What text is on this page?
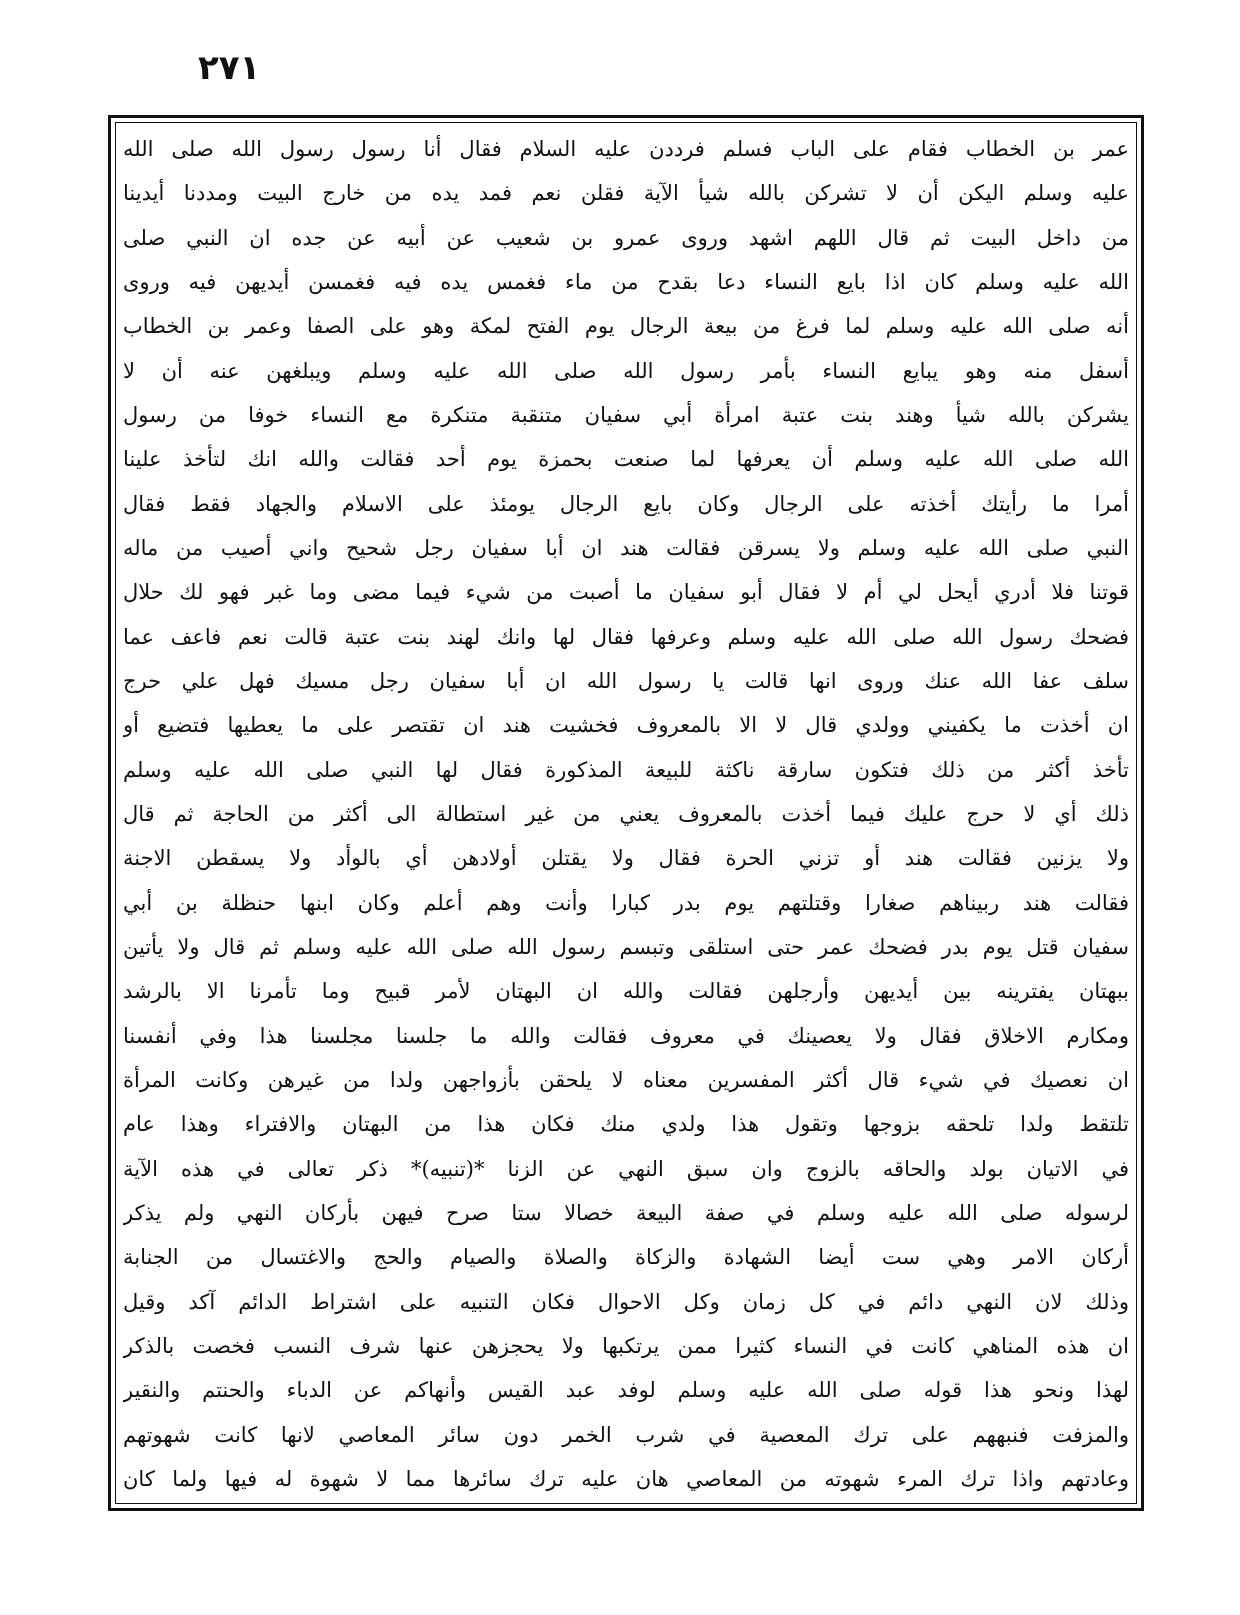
٢٧١
عمر بن الخطاب فقام على الباب فسلم فرددن عليه السلام فقال أنا رسول رسول الله صلى الله
عليه وسلم اليكن أن لا تشركن بالله شيأ الآية فقلن نعم فمد يده من خارج البيت ومددنا أيدينا
من داخل البيت ثم قال اللهم اشهد وروى عمرو بن شعيب عن أبيه عن جده ان النبي صلى
الله عليه وسلم كان اذا بايع النساء دعا بقدح من ماء فغمس يده فيه فغمسن أيديهن فيه وروى
أنه صلى الله عليه وسلم لما فرغ من بيعة الرجال يوم الفتح لمكة وهو على الصفا وعمر بن الخطاب
أسفل منه وهو يبايع النساء بأمر رسول الله صلى الله عليه وسلم ويبلغهن عنه أن لا
يشركن بالله شيأ وهند بنت عتبة امرأة أبي سفيان متنقبة متنكرة مع النساء خوفا من رسول
الله صلى الله عليه وسلم أن يعرفها لما صنعت بحمزة يوم أحد فقالت والله انك لتأخذ علينا
أمرا ما رأيتك أخذته على الرجال وكان بايع الرجال يومئذ على الاسلام والجهاد فقط فقال
النبي صلى الله عليه وسلم ولا يسرقن فقالت هند ان أبا سفيان رجل شحيح واني أصيب من ماله
قوتنا فلا أدري أيحل لي أم لا فقال أبو سفيان ما أصبت من شيء فيما مضى وما غبر فهو لك حلال
فضحك رسول الله صلى الله عليه وسلم وعرفها فقال لها وانك لهند بنت عتبة قالت نعم فاعف عما
سلف عفا الله عنك وروى انها قالت يا رسول الله ان أبا سفيان رجل مسيك فهل علي حرج
ان أخذت ما يكفيني وولدي قال لا الا بالمعروف فخشيت هند ان تقتصر على ما يعطيها فتضيع أو
تأخذ أكثر من ذلك فتكون سارقة ناكثة للبيعة المذكورة فقال لها النبي صلى الله عليه وسلم
ذلك أي لا حرج عليك فيما أخذت بالمعروف يعني من غير استطالة الى أكثر من الحاجة ثم قال
ولا يزنين فقالت هند أو تزني الحرة فقال ولا يقتلن أولادهن أي بالوأد ولا يسقطن الاجنة
فقالت هند ربيناهم صغارا وقتلتهم يوم بدر كبارا وأنت وهم أعلم وكان ابنها حنظلة بن أبي
سفيان قتل يوم بدر فضحك عمر حتى استلقى وتبسم رسول الله صلى الله عليه وسلم ثم قال ولا يأتين
ببهتان يفترينه بين أيديهن وأرجلهن فقالت والله ان البهتان لأمر قبيح وما تأمرنا الا بالرشد
ومكارم الاخلاق فقال ولا يعصينك في معروف فقالت والله ما جلسنا مجلسنا هذا وفي أنفسنا
ان نعصيك في شيء قال أكثر المفسرين معناه لا يلحقن بأزواجهن ولدا من غيرهن وكانت المرأة
تلتقط ولدا تلحقه بزوجها وتقول هذا ولدي منك فكان هذا من البهتان والافتراء وهذا عام
في الاتيان بولد والحاقه بالزوج وان سبق النهي عن الزنا *(تنبيه)* ذكر تعالى في هذه الآية
لرسوله صلى الله عليه وسلم في صفة البيعة خصالا ستا صرح فيهن بأركان النهي ولم يذكر
أركان الامر وهي ست أيضا الشهادة والزكاة والصلاة والصيام والحج والاغتسال من الجنابة
وذلك لان النهي دائم في كل زمان وكل الاحوال فكان التنبيه على اشتراط الدائم آكد وقيل
ان هذه المناهي كانت في النساء كثيرا ممن يرتكبها ولا يحجزهن عنها شرف النسب فخصت بالذكر
لهذا ونحو هذا قوله صلى الله عليه وسلم لوفد عبد القيس وأنهاكم عن الدباء والحنتم والنقير
والمزفت فنبههم على ترك المعصية في شرب الخمر دون سائر المعاصي لانها كانت شهوتهم
وعادتهم واذا ترك المرء شهوته من المعاصي هان عليه ترك سائرها مما لا شهوة له فيها ولما كان
